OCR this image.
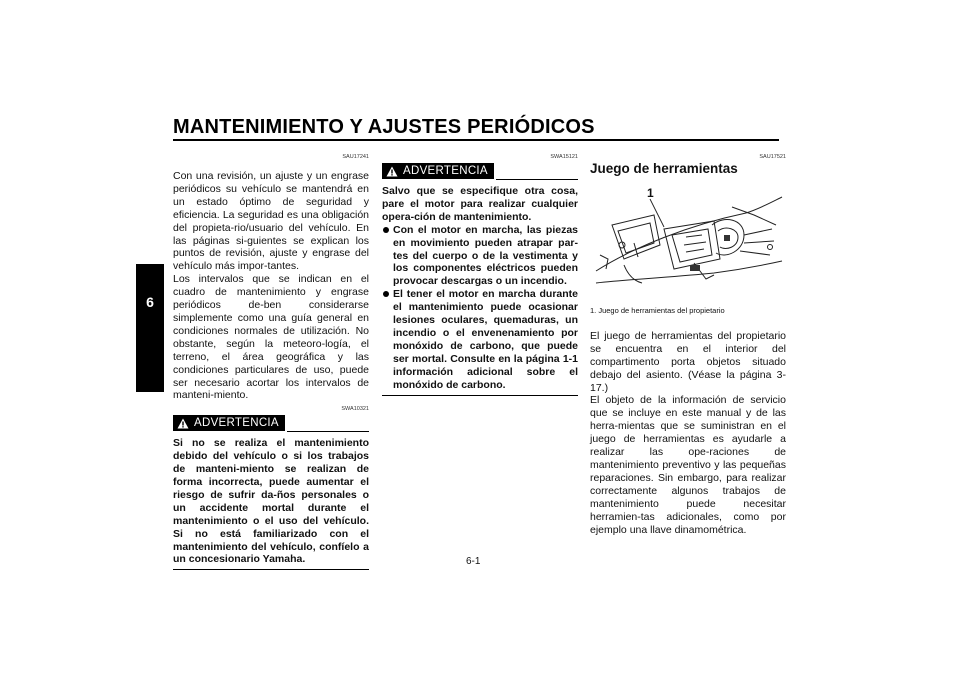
MANTENIMIENTO Y AJUSTES PERIÓDICOS
6
SAU17241

Con una revisión, un ajuste y un engrase periódicos su vehículo se mantendrá en un estado óptimo de seguridad y eficiencia. La seguridad es una obligación del propieta-rio/usuario del vehículo. En las páginas si-guientes se explican los puntos de revisión, ajuste y engrase del vehículo más impor-tantes.

Los intervalos que se indican en el cuadro de mantenimiento y engrase periódicos de-ben considerarse simplemente como una guía general en condiciones normales de utilización. No obstante, según la meteoro-logía, el terreno, el área geográfica y las condiciones particulares de uso, puede ser necesario acortar los intervalos de manteni-miento.

SWA10321
ADVERTENCIA

Si no se realiza el mantenimiento debido del vehículo o si los trabajos de manteni-miento se realizan de forma incorrecta, puede aumentar el riesgo de sufrir da-ños personales o un accidente mortal durante el mantenimiento o el uso del vehículo. Si no está familiarizado con el mantenimiento del vehículo, confíelo a un concesionario Yamaha.

SWA15121
ADVERTENCIA

Salvo que se especifique otra cosa, pare el motor para realizar cualquier opera-ción de mantenimiento.

Con el motor en marcha, las piezas en movimiento pueden atrapar par-tes del cuerpo o de la vestimenta y los componentes eléctricos pueden provocar descargas o un incendio.
El tener el motor en marcha durante el mantenimiento puede ocasionar lesiones oculares, quemaduras, un incendio o el envenenamiento por monóxido de carbono, que puede ser mortal. Consulte en la página 1-1 información adicional sobre el monóxido de carbono.
SAU17521
Juego de herramientas
1
1. Juego de herramientas del propietario

El juego de herramientas del propietario se encuentra en el interior del compartimento porta objetos situado debajo del asiento. (Véase la página 3-17.)

El objeto de la información de servicio que se incluye en este manual y de las herra-mientas que se suministran en el juego de herramientas es ayudarle a realizar las ope-raciones de mantenimiento preventivo y las pequeñas reparaciones. Sin embargo, para realizar correctamente algunos trabajos de mantenimiento puede necesitar herramien-tas adicionales, como por ejemplo una llave dinamométrica.

6-1
